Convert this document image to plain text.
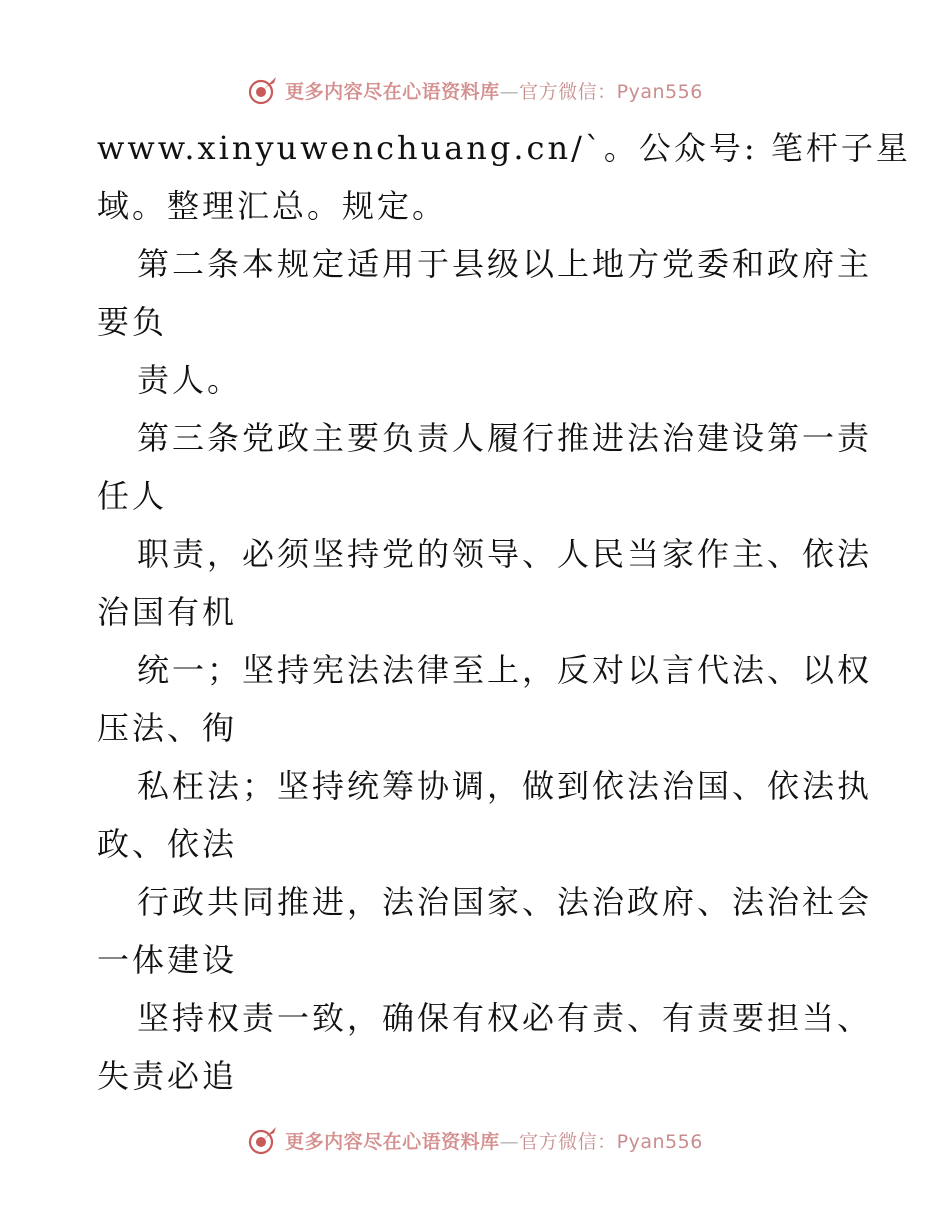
更多内容尽在心语资料库—官方微信：Pyan556
www.xinyuwenchuang.cn/`。公众号: 笔杆子星
域。整理汇总。规定。
第二条本规定适用于县级以上地方党委和政府主
要负
责人。
第三条党政主要负责人履行推进法治建设第一责
任人
职责，必须坚持党的领导、人民当家作主、依法
治国有机
统一；坚持宪法法律至上，反对以言代法、以权
压法、徇
私枉法；坚持统筹协调，做到依法治国、依法执
政、依法
行政共同推进，法治国家、法治政府、法治社会
一体建设
坚持权责一致，确保有权必有责、有责要担当、
失责必追
更多内容尽在心语资料库—官方微信：Pyan556
